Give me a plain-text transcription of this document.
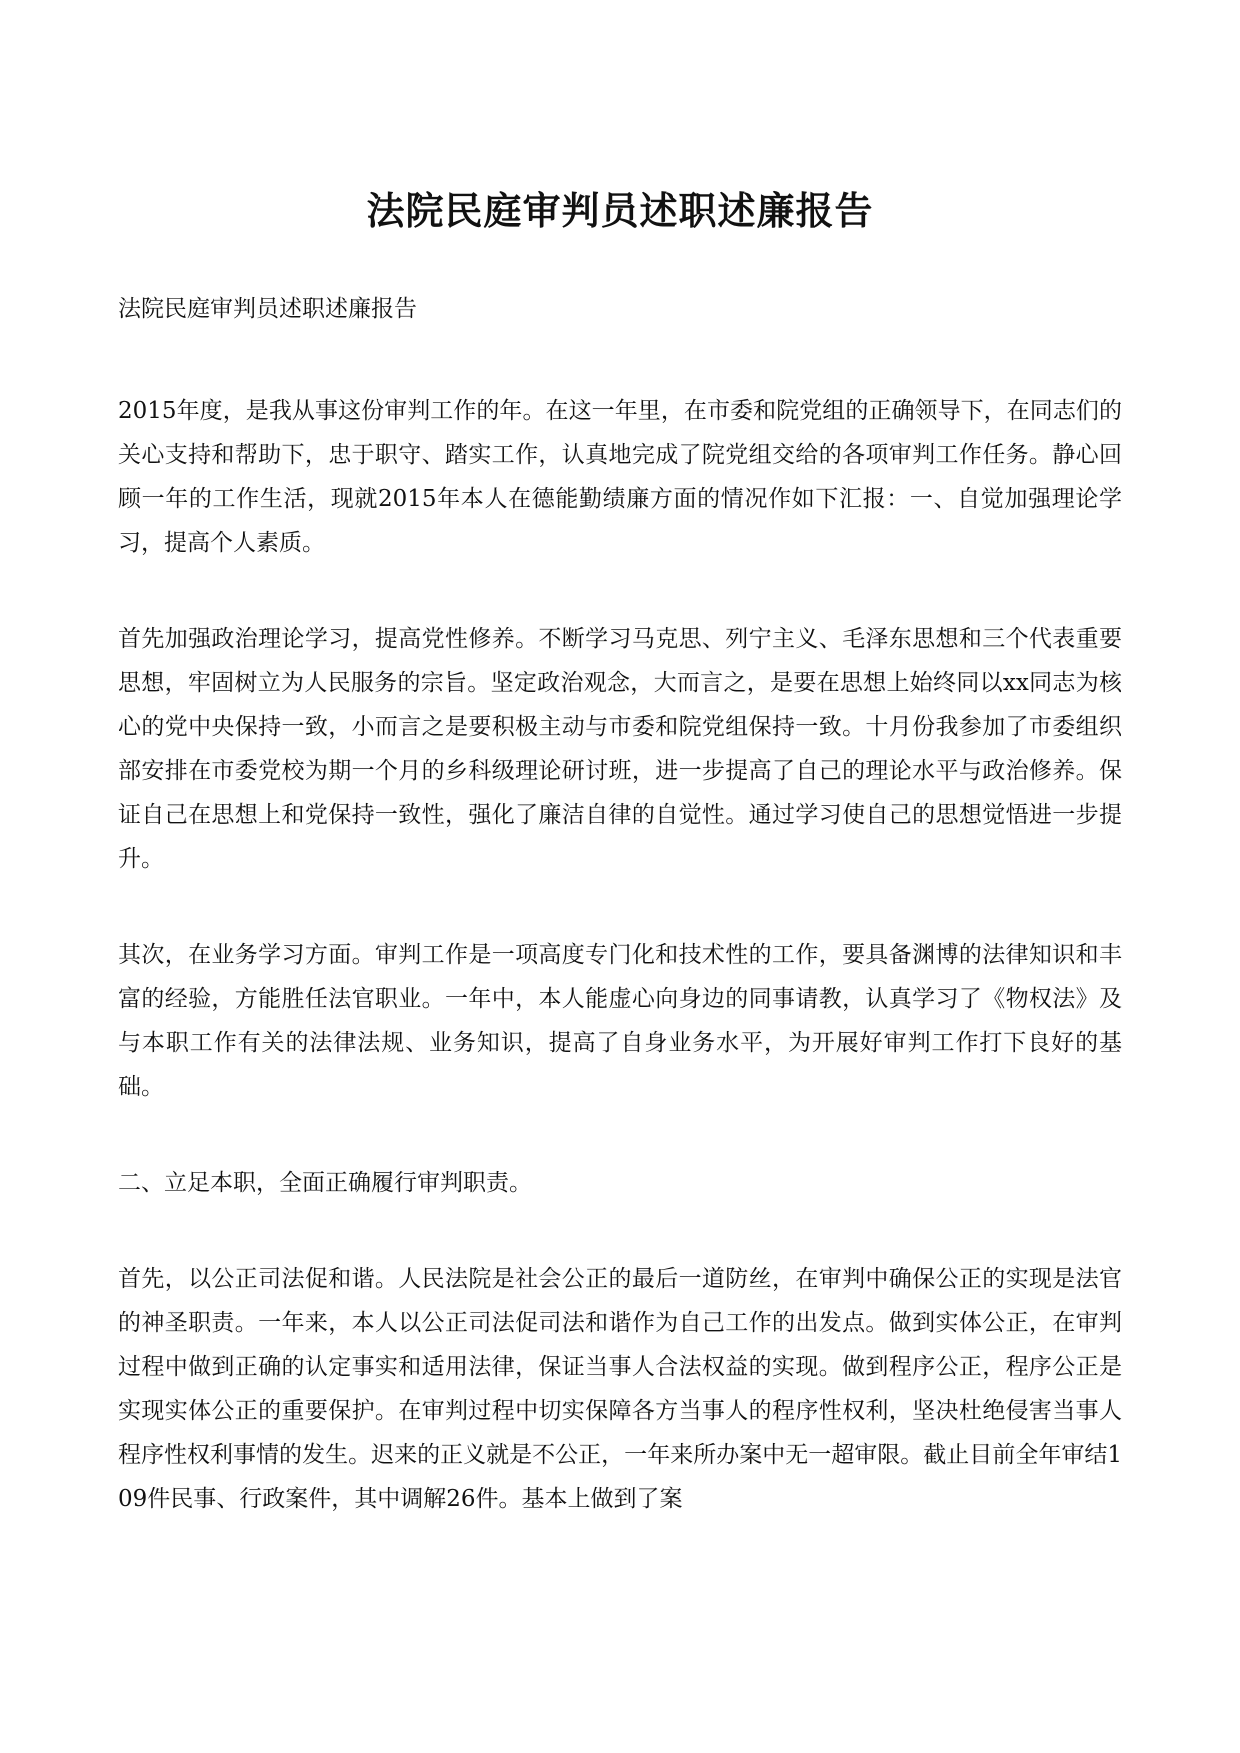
法院民庭审判员述职述廉报告

法院民庭审判员述职述廉报告

2015年度，是我从事这份审判工作的年。在这一年里，在市委和院党组的正确领导下，在同志们的关心支持和帮助下，忠于职守、踏实工作，认真地完成了院党组交给的各项审判工作任务。静心回顾一年的工作生活，现就2015年本人在德能勤绩廉方面的情况作如下汇报：一、自觉加强理论学习，提高个人素质。

首先加强政治理论学习，提高党性修养。不断学习马克思、列宁主义、毛泽东思想和三个代表重要思想，牢固树立为人民服务的宗旨。坚定政治观念，大而言之，是要在思想上始终同以xx同志为核心的党中央保持一致，小而言之是要积极主动与市委和院党组保持一致。十月份我参加了市委组织部安排在市委党校为期一个月的乡科级理论研讨班，进一步提高了自己的理论水平与政治修养。保证自己在思想上和党保持一致性，强化了廉洁自律的自觉性。通过学习使自己的思想觉悟进一步提升。

其次，在业务学习方面。审判工作是一项高度专门化和技术性的工作，要具备渊博的法律知识和丰富的经验，方能胜任法官职业。一年中，本人能虚心向身边的同事请教，认真学习了《物权法》及与本职工作有关的法律法规、业务知识，提高了自身业务水平，为开展好审判工作打下良好的基础。

二、立足本职，全面正确履行审判职责。

首先，以公正司法促和谐。人民法院是社会公正的最后一道防丝，在审判中确保公正的实现是法官的神圣职责。一年来，本人以公正司法促司法和谐作为自己工作的出发点。做到实体公正，在审判过程中做到正确的认定事实和适用法律，保证当事人合法权益的实现。做到程序公正，程序公正是实现实体公正的重要保护。在审判过程中切实保障各方当事人的程序性权利，坚决杜绝侵害当事人程序性权利事情的发生。迟来的正义就是不公正，一年来所办案中无一超审限。截止目前全年审结109件民事、行政案件，其中调解26件。基本上做到了案
